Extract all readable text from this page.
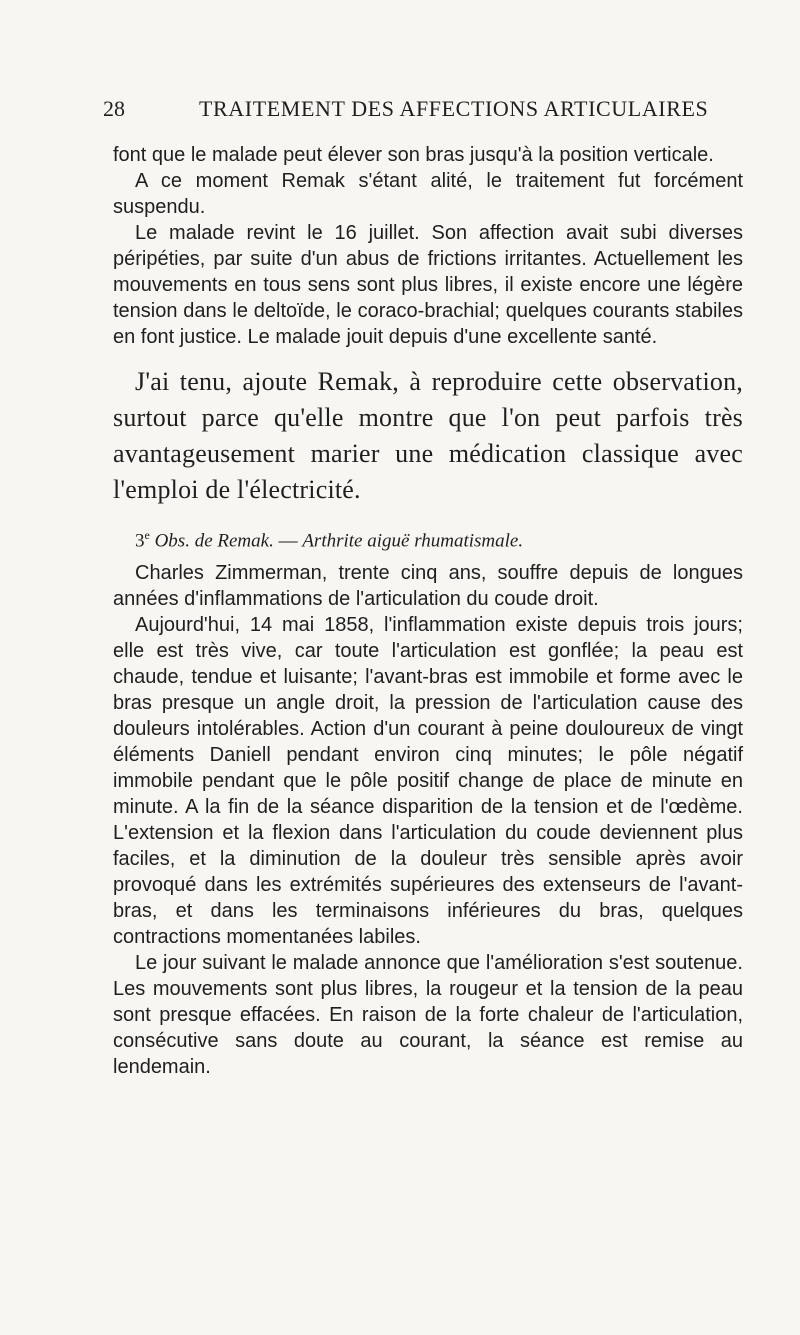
28	TRAITEMENT DES AFFECTIONS ARTICULAIRES

font que le malade peut élever son bras jusqu'à la position verticale.

A ce moment Remak s'étant alité, le traitement fut forcément suspendu.

Le malade revint le 16 juillet. Son affection avait subi diverses péripéties, par suite d'un abus de frictions irritantes. Actuellement les mouvements en tous sens sont plus libres, il existe encore une légère tension dans le deltoïde, le coraco-brachial; quelques courants stabiles en font justice. Le malade jouit depuis d'une excellente santé.

J'ai tenu, ajoute Remak, à reproduire cette observation, surtout parce qu'elle montre que l'on peut parfois très avantageusement marier une médication classique avec l'emploi de l'électricité.

3e Obs. de Remak. — Arthrite aiguë rhumatismale.

Charles Zimmerman, trente cinq ans, souffre depuis de longues années d'inflammations de l'articulation du coude droit.

Aujourd'hui, 14 mai 1858, l'inflammation existe depuis trois jours; elle est très vive, car toute l'articulation est gonflée; la peau est chaude, tendue et luisante; l'avant-bras est immobile et forme avec le bras presque un angle droit, la pression de l'articulation cause des douleurs intolérables. Action d'un courant à peine douloureux de vingt éléments Daniell pendant environ cinq minutes; le pôle négatif immobile pendant que le pôle positif change de place de minute en minute. A la fin de la séance disparition de la tension et de l'œdème. L'extension et la flexion dans l'articulation du coude deviennent plus faciles, et la diminution de la douleur très sensible après avoir provoqué dans les extrémités supérieures des extenseurs de l'avant-bras, et dans les terminaisons inférieures du bras, quelques contractions momentanées labiles.

Le jour suivant le malade annonce que l'amélioration s'est soutenue. Les mouvements sont plus libres, la rougeur et la tension de la peau sont presque effacées. En raison de la forte chaleur de l'articulation, consécutive sans doute au courant, la séance est remise au lendemain.
